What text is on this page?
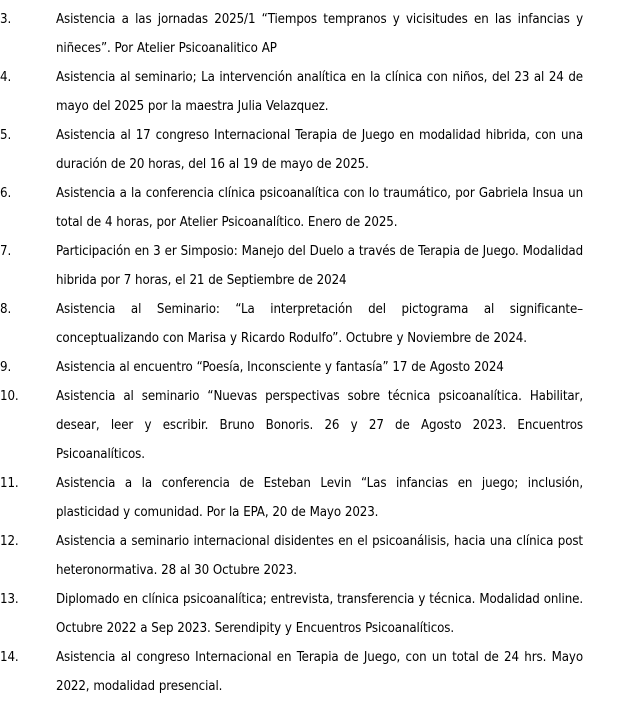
3.	Asistencia a las jornadas 2025/1 “Tiempos tempranos y vicisitudes en las infancias y niñeces”. Por Atelier Psicoanalitico AP
4.	Asistencia al seminario; La intervención analítica en la clínica con niños, del 23 al 24 de mayo del 2025 por la maestra Julia Velazquez.
5.	Asistencia al 17 congreso Internacional Terapia de Juego en modalidad hibrida, con una duración de 20 horas, del 16 al 19 de mayo de 2025.
6.	Asistencia a la conferencia clínica psicoanalítica con lo traumático, por Gabriela Insua un total de 4 horas, por Atelier Psicoanalítico. Enero de 2025.
7.	Participación en 3 er Simposio: Manejo del Duelo a través de Terapia de Juego. Modalidad hibrida por 7 horas, el 21 de Septiembre de 2024
8.	Asistencia al Seminario: “La interpretación del pictograma al significante– conceptualizando con Marisa y Ricardo Rodulfo”. Octubre y Noviembre de 2024.
9.	Asistencia al encuentro “Poesía, Inconsciente y fantasía” 17 de Agosto 2024
10.	Asistencia al seminario “Nuevas perspectivas sobre técnica psicoanalítica. Habilitar, desear, leer y escribir. Bruno Bonoris. 26 y 27 de Agosto 2023. Encuentros Psicoanalíticos.
11.	Asistencia a la conferencia de Esteban Levin “Las infancias en juego; inclusión, plasticidad y comunidad. Por la EPA, 20 de Mayo 2023.
12.	Asistencia a seminario internacional disidentes en el psicoanálisis, hacia una clínica post heteronormativa. 28 al 30 Octubre 2023.
13.	Diplomado en clínica psicoanalítica; entrevista, transferencia y técnica. Modalidad online. Octubre 2022 a Sep 2023. Serendipity y Encuentros Psicoanalíticos.
14.	Asistencia al congreso Internacional en Terapia de Juego, con un total de 24 hrs. Mayo 2022, modalidad presencial.
